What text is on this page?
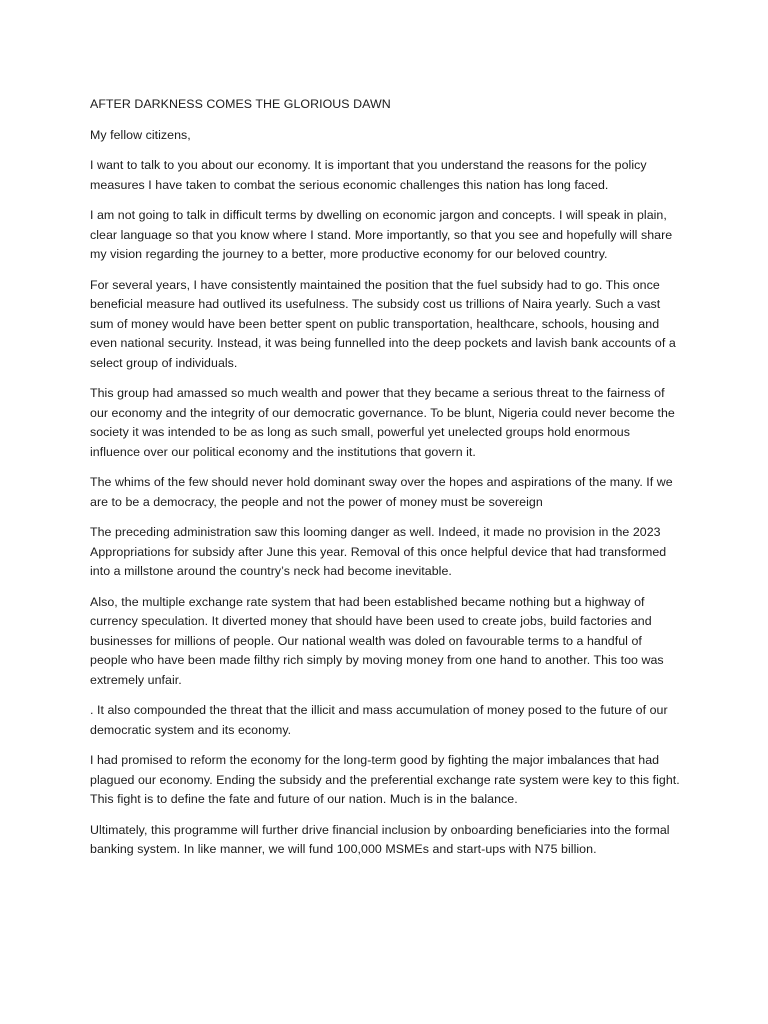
AFTER DARKNESS COMES THE GLORIOUS DAWN

My fellow citizens,

I want to talk to you about our economy. It is important that you understand the reasons for the policy measures I have taken to combat the serious economic challenges this nation has long faced.

I am not going to talk in difficult terms by dwelling on economic jargon and concepts. I will speak in plain, clear language so that you know where I stand. More importantly, so that you see and hopefully will share my vision regarding the journey to a better, more productive economy for our beloved country.

For several years, I have consistently maintained the position that the fuel subsidy had to go. This once beneficial measure had outlived its usefulness. The subsidy cost us trillions of Naira yearly. Such a vast sum of money would have been better spent on public transportation, healthcare, schools, housing and even national security. Instead, it was being funnelled into the deep pockets and lavish bank accounts of a select group of individuals.

This group had amassed so much wealth and power that they became a serious threat to the fairness of our economy and the integrity of our democratic governance. To be blunt, Nigeria could never become the society it was intended to be as long as such small, powerful yet unelected groups hold enormous influence over our political economy and the institutions that govern it.

The whims of the few should never hold dominant sway over the hopes and aspirations of the many. If we are to be a democracy, the people and not the power of money must be sovereign

The preceding administration saw this looming danger as well. Indeed, it made no provision in the 2023 Appropriations for subsidy after June this year. Removal of this once helpful device that had transformed into a millstone around the country’s neck had become inevitable.

Also, the multiple exchange rate system that had been established became nothing but a highway of currency speculation. It diverted money that should have been used to create jobs, build factories and businesses for millions of people. Our national wealth was doled on favourable terms to a handful of people who have been made filthy rich simply by moving money from one hand to another. This too was extremely unfair.

. It also compounded the threat that the illicit and mass accumulation of money posed to the future of our democratic system and its economy.

I had promised to reform the economy for the long-term good by fighting the major imbalances that had plagued our economy. Ending the subsidy and the preferential exchange rate system were key to this fight. This fight is to define the fate and future of our nation. Much is in the balance.

Ultimately, this programme will further drive financial inclusion by onboarding beneficiaries into the formal banking system. In like manner, we will fund 100,000 MSMEs and start-ups with N75 billion.
